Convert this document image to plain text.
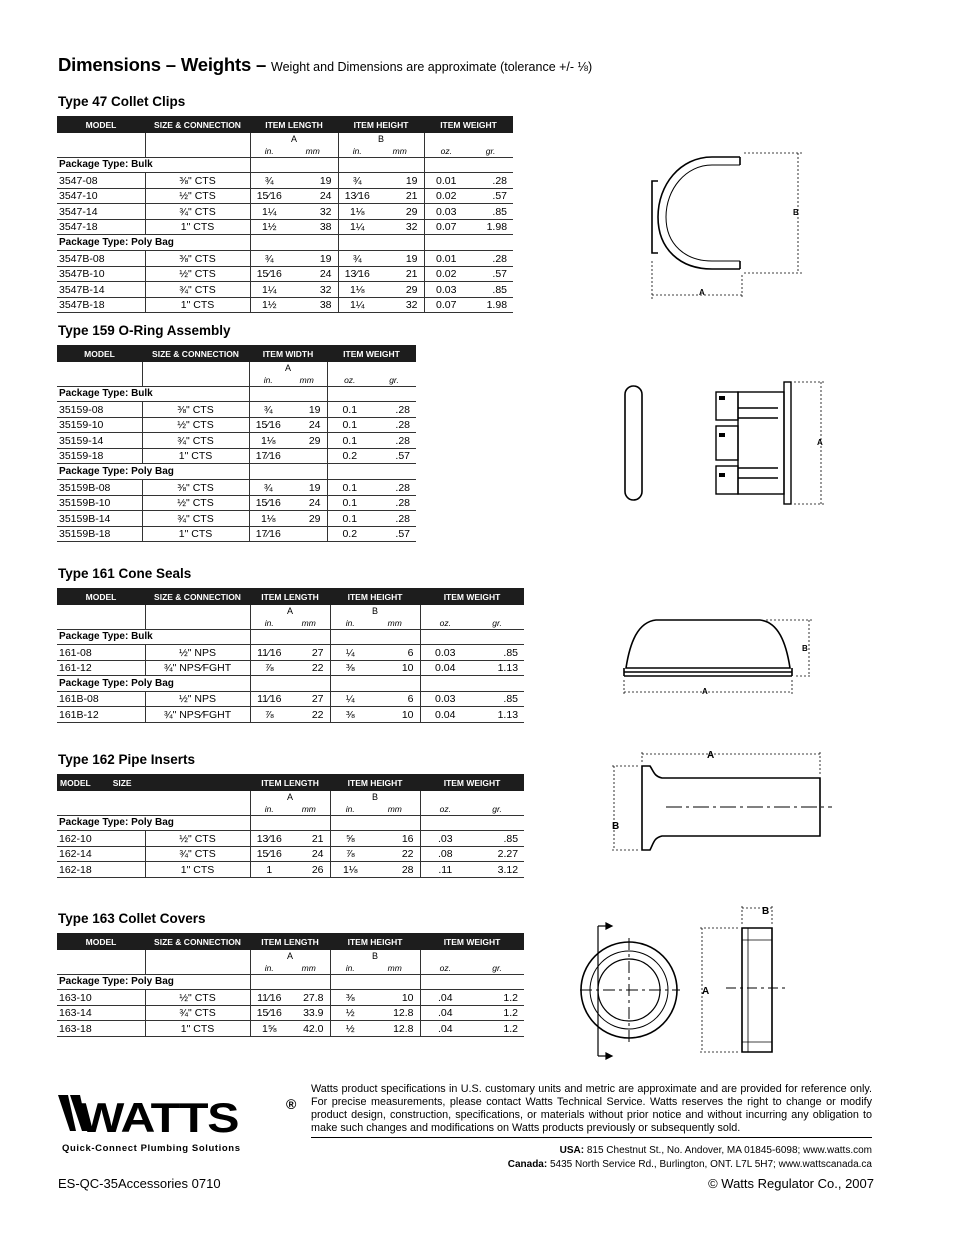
Dimensions – Weights – Weight and Dimensions are approximate (tolerance +/- ⅛)
Type 47 Collet Clips
MODEL	SIZE & CONNECTION	ITEM LENGTH		ITEM HEIGHT		ITEM WEIGHT	
		A		B			
		in.	mm	in.	mm	oz.	gr.
Package Type: Bulk							
3547-08	⅜" CTS	¾	19	¾	19	0.01	.28
3547-10	½" CTS	15⁄16	24	13⁄16	21	0.02	.57
3547-14	¾" CTS	1¼	32	1⅛	29	0.03	.85
3547-18	1" CTS	1½	38	1¼	32	0.07	1.98
Package Type: Poly Bag							
3547B-08	⅜" CTS	¾	19	¾	19	0.01	.28
3547B-10	½" CTS	15⁄16	24	13⁄16	21	0.02	.57
3547B-14	¾" CTS	1¼	32	1⅛	29	0.03	.85
3547B-18	1" CTS	1½	38	1¼	32	0.07	1.98
Type 159 O-Ring Assembly
MODEL	SIZE & CONNECTION	ITEM WIDTH		ITEM WEIGHT	
		A			
		in.	mm	oz.	gr.
Package Type: Bulk					
35159-08	⅜" CTS	¾	19	0.1	.28
35159-10	½" CTS	15⁄16	24	0.1	.28
35159-14	¾" CTS	1⅛	29	0.1	.28
35159-18	1" CTS	17⁄16		0.2	.57
Package Type: Poly Bag					
35159B-08	⅜" CTS	¾	19	0.1	.28
35159B-10	½" CTS	15⁄16	24	0.1	.28
35159B-14	¾" CTS	1⅛	29	0.1	.28
35159B-18	1" CTS	17⁄16		0.2	.57
Type 161 Cone Seals
MODEL	SIZE & CONNECTION	ITEM LENGTH		ITEM HEIGHT		ITEM WEIGHT	
		A		B			
		in.	mm	in.	mm	oz.	gr.
Package Type: Bulk							
161-08	½" NPS	11⁄16	27	¼	6	0.03	.85
161-12	¾" NPS⁄FGHT	⅞	22	⅜	10	0.04	1.13
Package Type: Poly Bag							
161B-08	½" NPS	11⁄16	27	¼	6	0.03	.85
161B-12	¾" NPS⁄FGHT	⅞	22	⅜	10	0.04	1.13
Type 162 Pipe Inserts
MODEL SIZE		ITEM LENGTH		ITEM HEIGHT		ITEM WEIGHT	
		A		B			
		in.	mm	in.	mm	oz.	gr.
Package Type: Poly Bag							
162-10	½" CTS	13⁄16	21	⅝	16	.03	.85
162-14	¾" CTS	15⁄16	24	⅞	22	.08	2.27
162-18	1" CTS	1	26	1⅛	28	.11	3.12
Type 163 Collet Covers
MODEL	SIZE & CONNECTION	ITEM LENGTH		ITEM HEIGHT		ITEM WEIGHT	
		A		B			
		in.	mm	in.	mm	oz.	gr.
Package Type: Poly Bag							
163-10	½" CTS	11⁄16	27.8	⅜	10	.04	1.2
163-14	¾" CTS	15⁄16	33.9	½	12.8	.04	1.2
163-18	1" CTS	1⅝	42.0	½	12.8	.04	1.2
B
A
A
B
A
A
B
B
A
WATTS	®
Quick-Connect Plumbing Solutions
Watts product specifications in U.S. customary units and metric are approximate and are provided for reference only. For precise measurements, please contact Watts Technical Service. Watts reserves the right to change or modify product design, construction, specifications, or materials without prior notice and without incurring any obligation to make such changes and modifications on Watts products previously or subsequently sold.
USA: 815 Chestnut St., No. Andover, MA 01845-6098; www.watts.com
Canada: 5435 North Service Rd., Burlington, ONT. L7L 5H7; www.wattscanada.ca
ES-QC-35Accessories 0710	© Watts Regulator Co., 2007
